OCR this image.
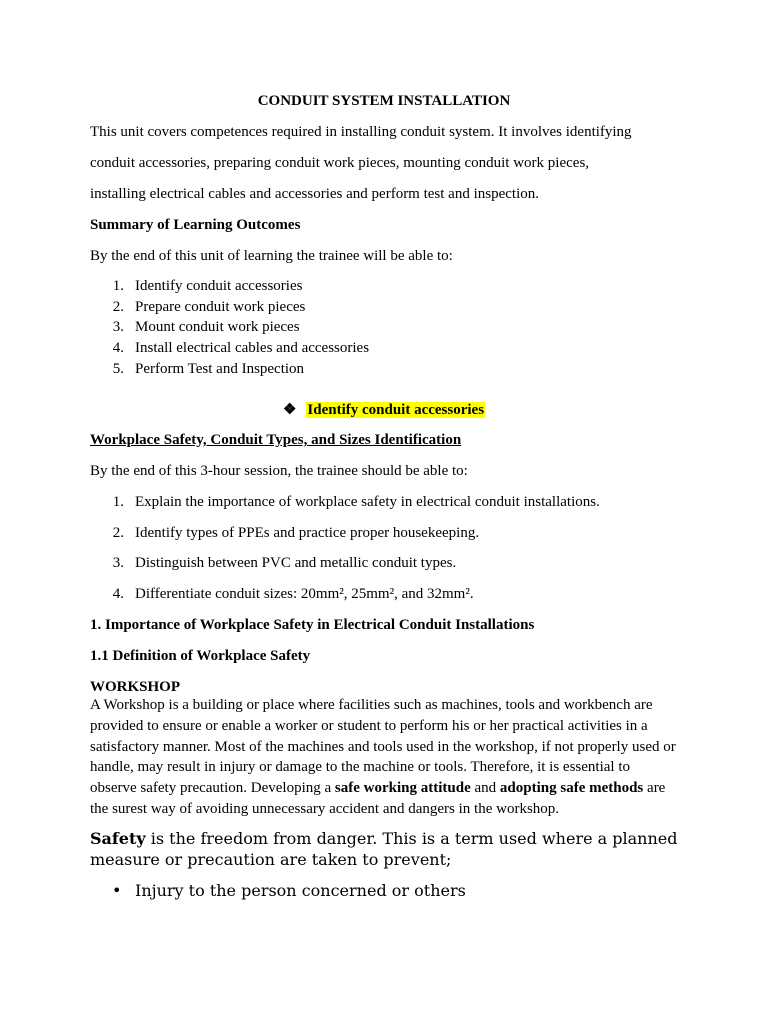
CONDUIT SYSTEM INSTALLATION

This unit covers competences required in installing conduit system. It involves identifying

conduit accessories, preparing conduit work pieces, mounting conduit work pieces,

installing electrical cables and accessories and perform test and inspection.

Summary of Learning Outcomes

By the end of this unit of learning the trainee will be able to:

1. Identify conduit accessories
2. Prepare conduit work pieces
3. Mount conduit work pieces
4. Install electrical cables and accessories
5. Perform Test and Inspection

❖ Identify conduit accessories

Workplace Safety, Conduit Types, and Sizes Identification

By the end of this 3-hour session, the trainee should be able to:

1. Explain the importance of workplace safety in electrical conduit installations.
2. Identify types of PPEs and practice proper housekeeping.
3. Distinguish between PVC and metallic conduit types.
4. Differentiate conduit sizes: 20mm², 25mm², and 32mm².

1. Importance of Workplace Safety in Electrical Conduit Installations

1.1 Definition of Workplace Safety

WORKSHOP

A Workshop is a building or place where facilities such as machines, tools and workbench are provided to ensure or enable a worker or student to perform his or her practical activities in a satisfactory manner. Most of the machines and tools used in the workshop, if not properly used or handle, may result in injury or damage to the machine or tools. Therefore, it is essential to observe safety precaution. Developing a safe working attitude and adopting safe methods are the surest way of avoiding unnecessary accident and dangers in the workshop.

Safety is the freedom from danger. This is a term used where a planned measure or precaution are taken to prevent;

• Injury to the person concerned or others
